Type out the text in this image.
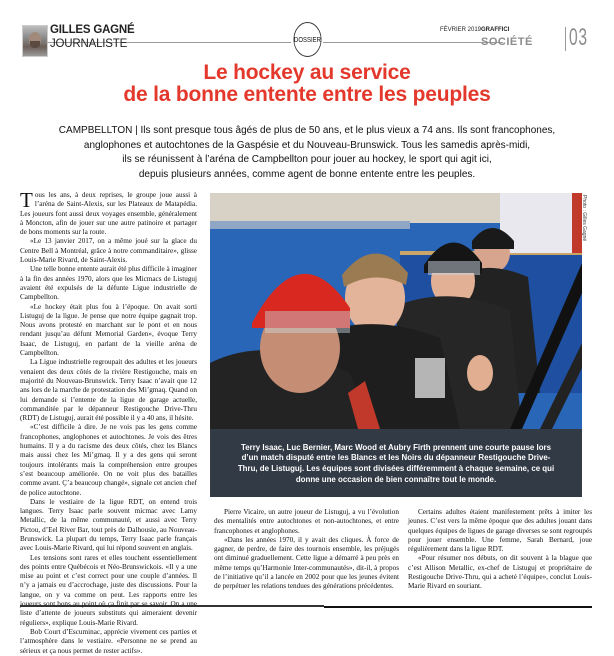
GILLES GAGNÉ
JOURNALISTE	DOSSIER
FÉVRIER 2019 GRAFFICI
SOCIÉTÉ 03
Le hockey au service
de la bonne entente entre les peuples
CAMPBELLTON | Ils sont presque tous âgés de plus de 50 ans, et le plus vieux a 74 ans. Ils sont francophones,
anglophones et autochtones de la Gaspésie et du Nouveau-Brunswick. Tous les samedis après-midi,
ils se réunissent à l’aréna de Campbellton pour jouer au hockey, le sport qui agit ici,
depuis plusieurs années, comme agent de bonne entente entre les peuples.

Tous les ans, à deux reprises, le groupe joue aussi à l’aréna de Saint-Alexis, sur les Plateaux de Matapédia. Les joueurs font aussi deux voyages ensemble, généralement à Moncton, afin de jouer sur une autre patinoire et partager de bons moments sur la route.

«Le 13 janvier 2017, on a même joué sur la glace du Centre Bell à Montréal, grâce à notre commanditaire», glisse Louis-Marie Rivard, de Saint-Alexis.

Une telle bonne entente aurait été plus difficile à imaginer à la fin des années 1970, alors que les Micmacs de Listuguj avaient été expulsés de la défunte Ligue industrielle de Campbellton.

«Le hockey était plus fou à l’époque. On avait sorti Listuguj de la ligue. Je pense que notre équipe gagnait trop. Nous avons protesté en marchant sur le pont et en nous rendant jusqu’au défunt Memorial Garden», évoque Terry Isaac, de Listuguj, en parlant de la vieille aréna de Campbellton.

La Ligue industrielle regroupait des adultes et les joueurs venaient des deux côtés de la rivière Restigouche, mais en majorité du Nouveau-Brunswick. Terry Isaac n’avait que 12 ans lors de la marche de protestation des Mi’gmaq. Quand on lui demande si l’entente de la ligue de garage actuelle, commanditée par le dépanneur Restigouche Drive-Thru (RDT) de Listuguj, aurait été possible il y a 40 ans, il hésite.

«C’est difficile à dire. Je ne vois pas les gens comme francophones, anglophones et autochtones. Je vois des êtres humains. Il y a du racisme des deux côtés, chez les Blancs mais aussi chez les Mi’gmaq. Il y a des gens qui seront toujours intolérants mais la compréhension entre groupes s’est beaucoup améliorée. On ne voit plus des batailles comme avant. Ç’a beaucoup changé», signale cet ancien chef de police autochtone.

Dans le vestiaire de la ligue RDT, on entend trois langues. Terry Isaac parle souvent micmac avec Lamy Metallic, de la même communauté, et aussi avec Terry Pictou, d’Eel River Bar, tout près de Dalhousie, au Nouveau-Brunswick. La plupart du temps, Terry Isaac parle français avec Louis-Marie Rivard, qui lui répond souvent en anglais.

Les tensions sont rares et elles touchent essentiellement des points entre Québécois et Néo-Brunswickois. «Il y a une mise au point et c’est correct pour une couple d’années. Il n’y a jamais eu d’accrochage, juste des discussions. Pour la langue, on y va comme on peut. Les rapports entre les liste d’attente de joueurs substituts qui aimeraient devenir réguliers», explique Louis-Marie Rivard.

Bob Court d’Escuminac, apprécie vivement ces parties et l’atmosphère dans le vestiaire. «Personne ne se prend au sérieux et ça nous permet de rester actifs».

Photo : Gilles Gagné
Terry Isaac, Luc Bernier, Marc Wood et Aubry Firth prennent une courte pause lors d’un match disputé entre les Blancs et les Noirs du dépanneur Restigouche Drive-Thru, de Listuguj. Les équipes sont divisées différemment à chaque semaine, ce qui donne une occasion de bien connaître tout le monde.

Pierre Vicaire, un autre joueur de Listuguj, a vu l’évolution des mentalités entre autochtones et non-autochtones, et entre francophones et anglophones.

«Dans les années 1970, il y avait des cliques. À force de gagner, de perdre, de faire des tournois ensemble, les préjugés ont diminué graduellement. Cette ligue a démarré à peu près en même temps qu’Harmonie Inter-communautés», dit-il, à propos de l’initiative qu’il a lancée en 2002 pour que les jeunes évitent de perpétuer les relations tendues des générations précédentes.

Certains adultes étaient manifestement prêts à imiter les jeunes. C’est vers la même époque que des adultes jouant dans quelques équipes de ligues de garage diverses se sont regroupés pour jouer ensemble. Une femme, Sarah Bernard, joue régulièrement dans la ligue RDT.

«Pour résumer nos débuts, on dit souvent à la blague que c’est Allison Metallic, ex-chef de Listuguj et propriétaire de Restigouche Drive-Thru, qui a acheté l’équipe», conclut Louis-Marie Rivard en souriant.
